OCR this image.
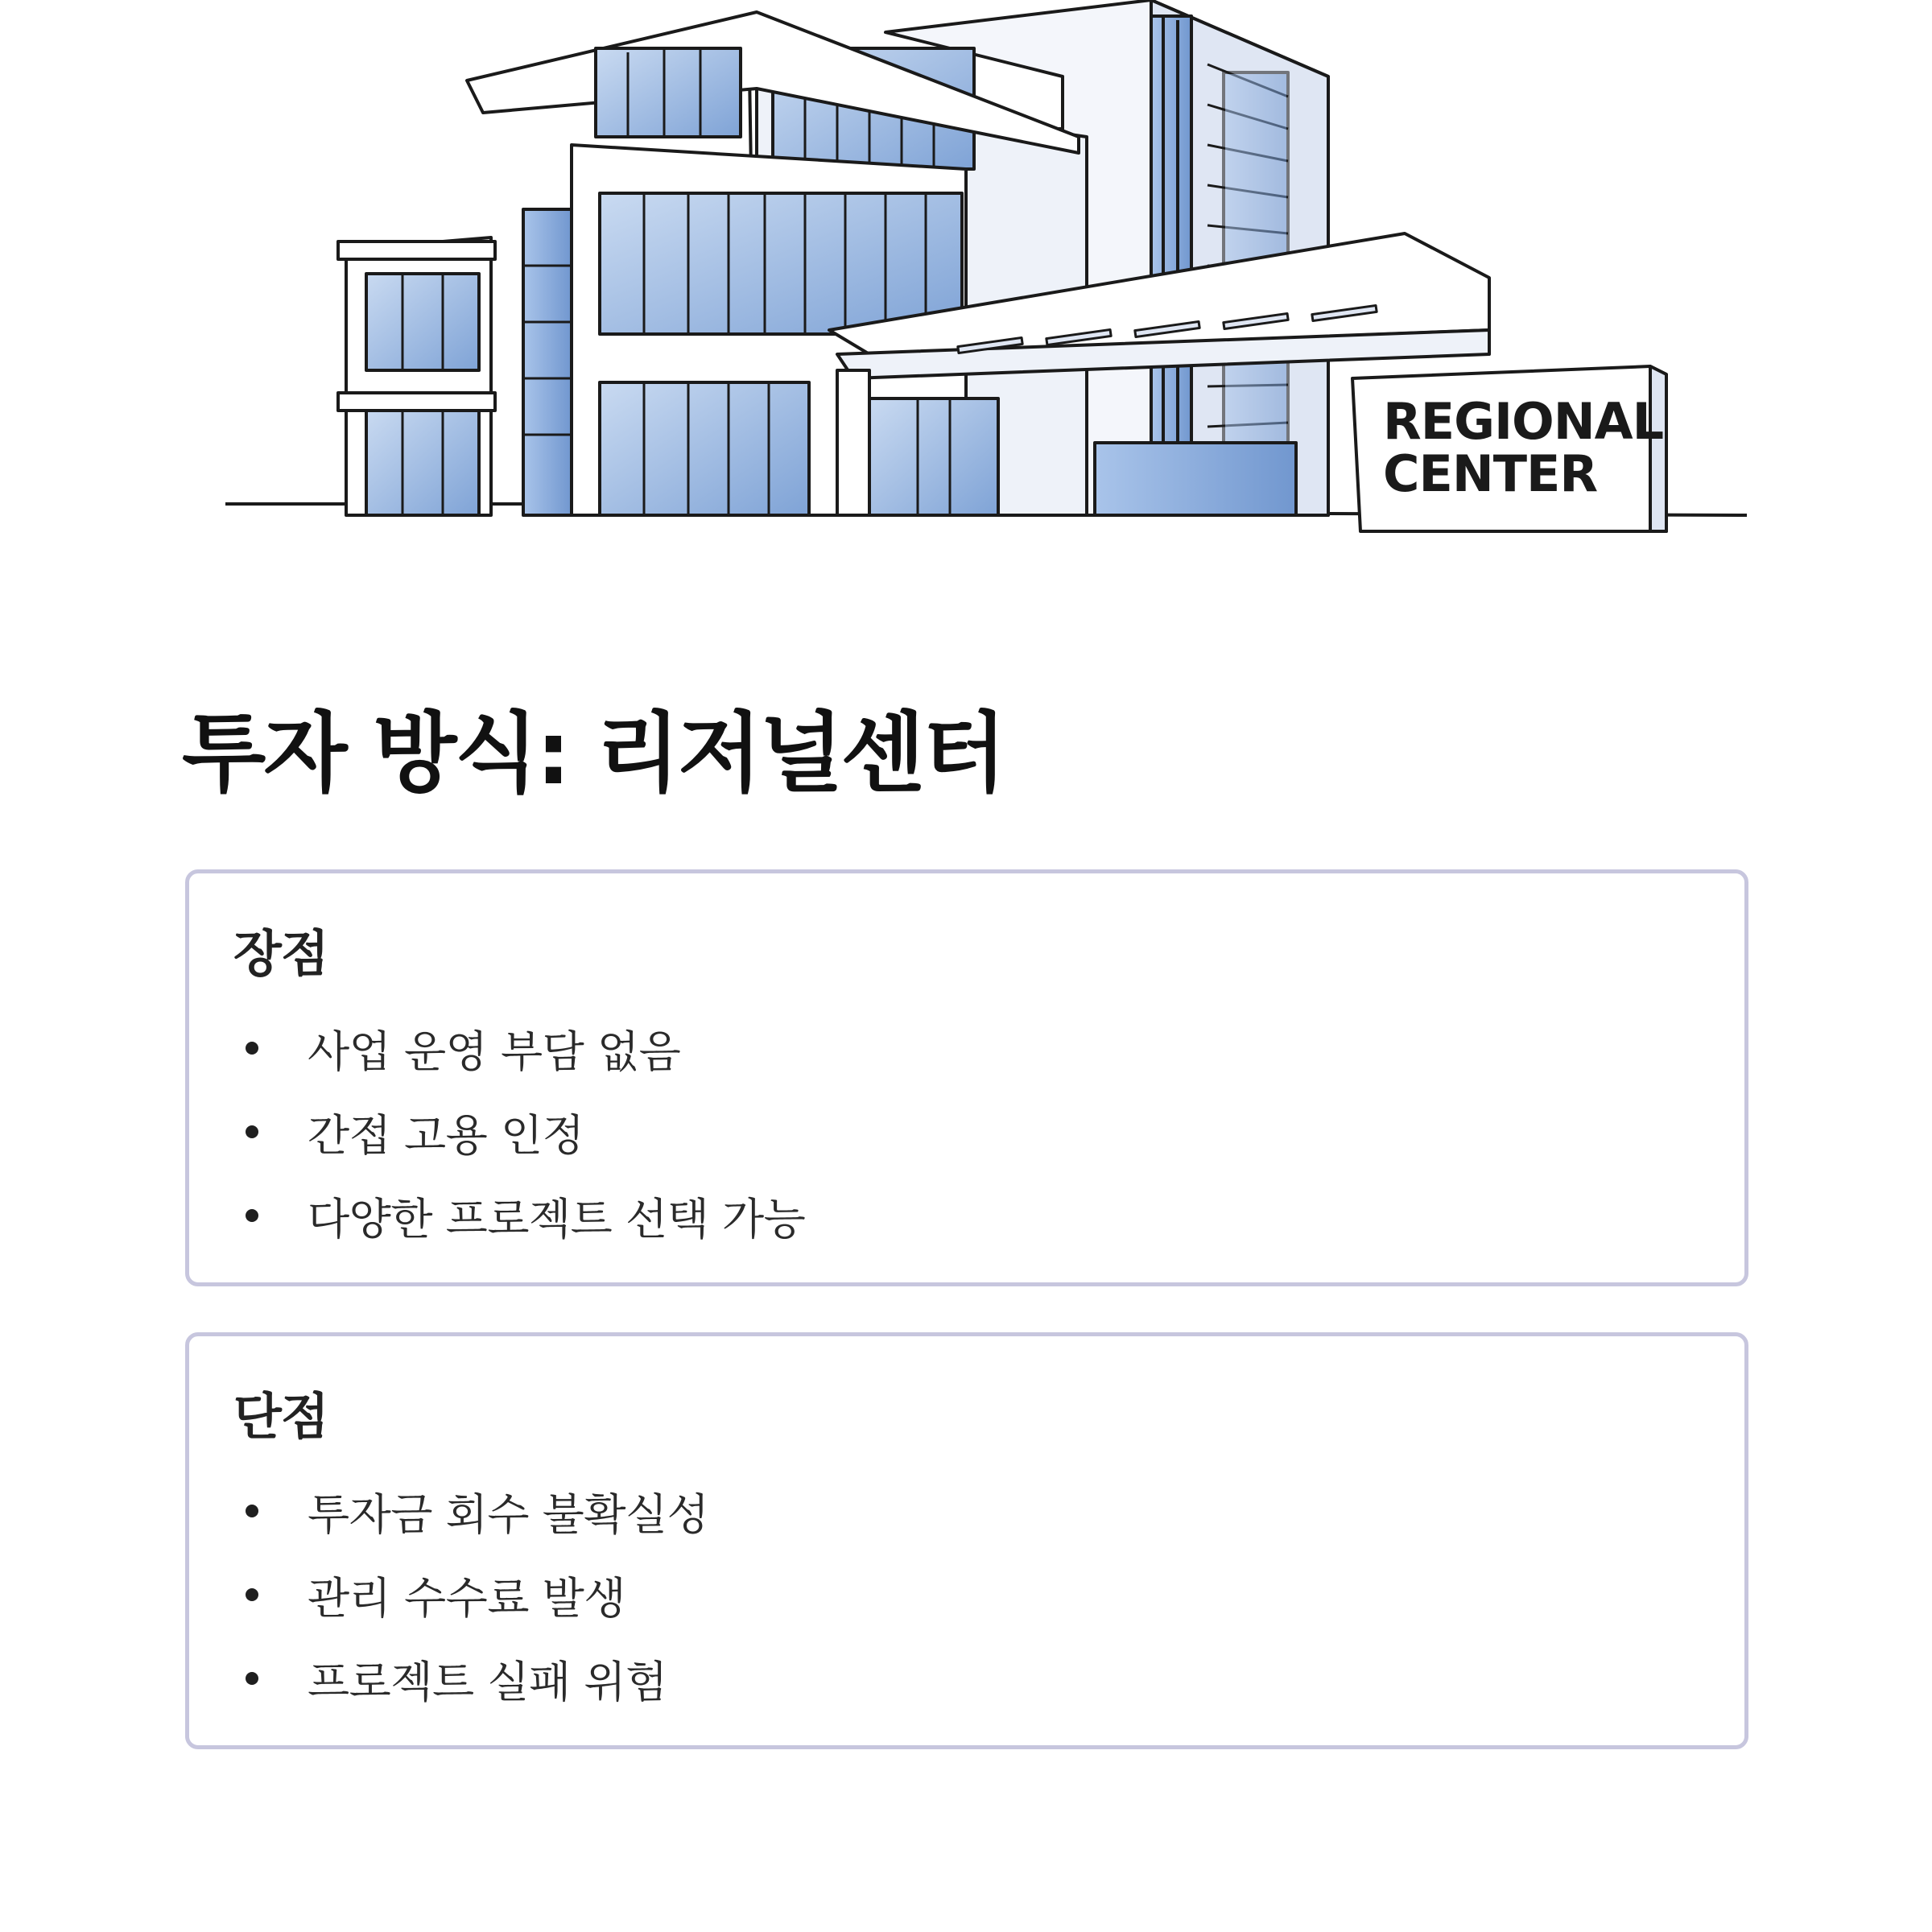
REGIONAL
CENTER
투자 방식: 리저널센터
장점
사업 운영 부담 없음
간접 고용 인정
다양한 프로젝트 선택 가능
단점
투자금 회수 불확실성
관리 수수료 발생
프로젝트 실패 위험
